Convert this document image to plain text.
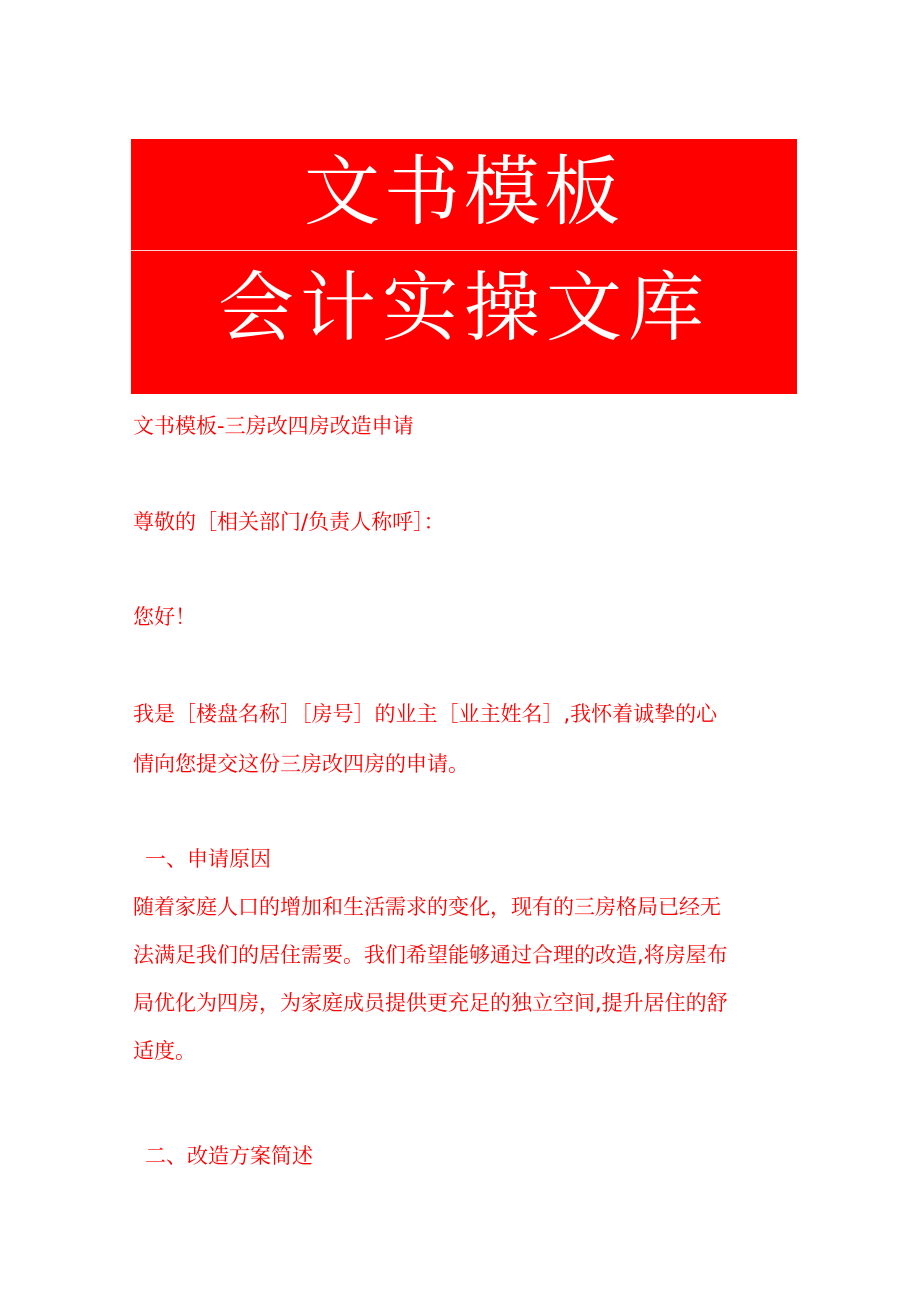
文书模板
会计实操文库
文书模板-三房改四房改造申请
尊敬的［相关部门/负责人称呼］：
您好！
我是［楼盘名称］［房号］的业主［业主姓名］,我怀着诚挚的心
情向您提交这份三房改四房的申请。
一、申请原因
随着家庭人口的增加和生活需求的变化，现有的三房格局已经无
法满足我们的居住需要。我们希望能够通过合理的改造,将房屋布
局优化为四房，为家庭成员提供更充足的独立空间,提升居住的舒
适度。
二、改造方案简述
